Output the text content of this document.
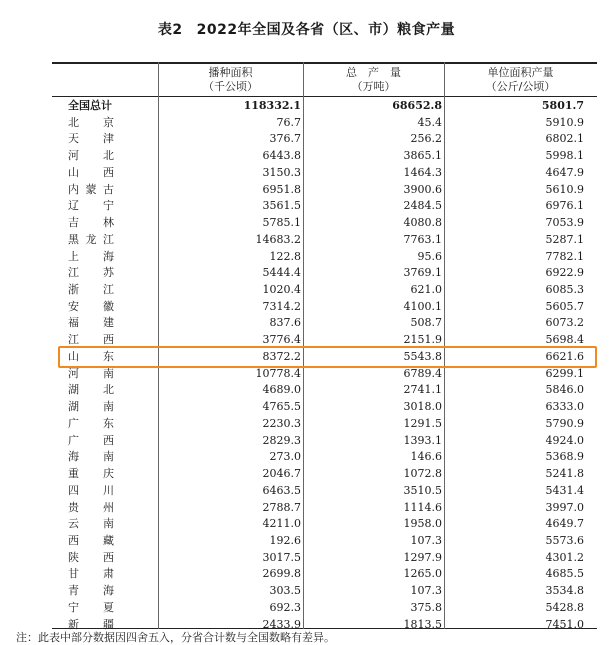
表2 2022年全国及各省（区、市）粮食产量
播种面积
（千公顷）
总　产　量
（万吨）
单位面积产量
（公斤/公顷）
全国总计	118332.1	68652.8	5801.7
北京	76.7	45.4	5910.9
天津	376.7	256.2	6802.1
河北	6443.8	3865.1	5998.1
山西	3150.3	1464.3	4647.9
内蒙古	6951.8	3900.6	5610.9
辽宁	3561.5	2484.5	6976.1
吉林	5785.1	4080.8	7053.9
黑龙江	14683.2	7763.1	5287.1
上海	122.8	95.6	7782.1
江苏	5444.4	3769.1	6922.9
浙江	1020.4	621.0	6085.3
安徽	7314.2	4100.1	5605.7
福建	837.6	508.7	6073.2
江西	3776.4	2151.9	5698.4
山东	8372.2	5543.8	6621.6
河南	10778.4	6789.4	6299.1
湖北	4689.0	2741.1	5846.0
湖南	4765.5	3018.0	6333.0
广东	2230.3	1291.5	5790.9
广西	2829.3	1393.1	4924.0
海南	273.0	146.6	5368.9
重庆	2046.7	1072.8	5241.8
四川	6463.5	3510.5	5431.4
贵州	2788.7	1114.6	3997.0
云南	4211.0	1958.0	4649.7
西藏	192.6	107.3	5573.6
陕西	3017.5	1297.9	4301.2
甘肃	2699.8	1265.0	4685.5
青海	303.5	107.3	3534.8
宁夏	692.3	375.8	5428.8
新疆	2433.9	1813.5	7451.0
注：此表中部分数据因四舍五入，分省合计数与全国数略有差异。
